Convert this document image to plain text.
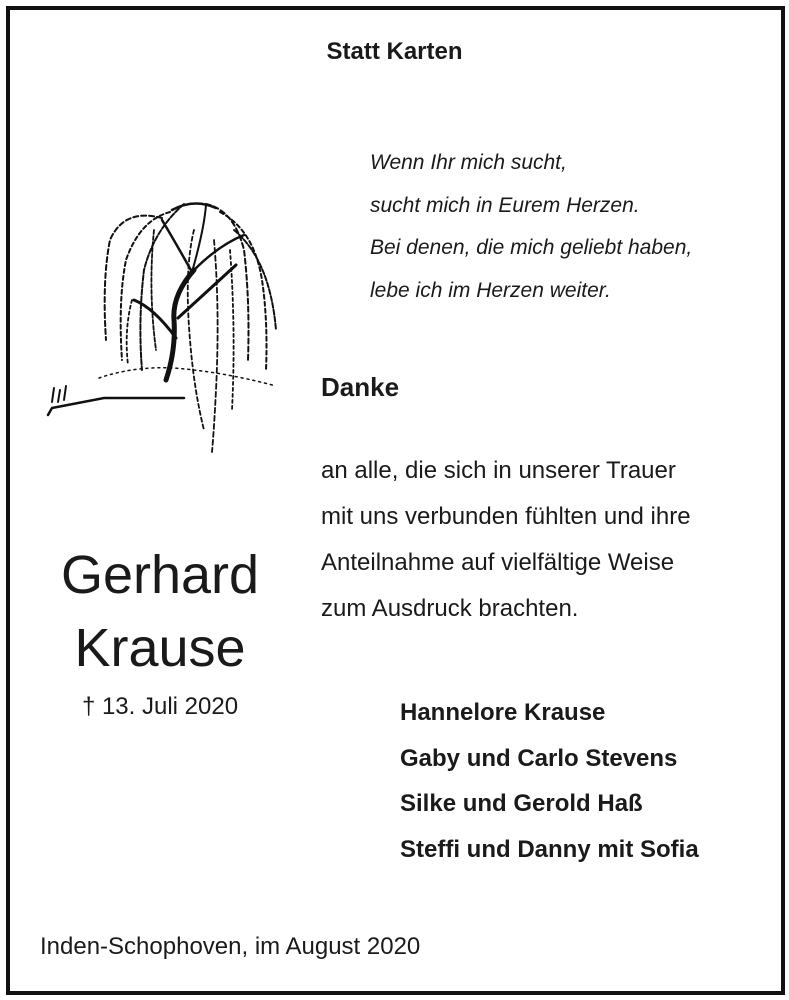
Statt Karten
Wenn Ihr mich sucht,
sucht mich in Eurem Herzen.
Bei denen, die mich geliebt haben,
lebe ich im Herzen weiter.
Danke
an alle, die sich in unserer Trauer
mit uns verbunden fühlten und ihre
Anteilnahme auf vielfältige Weise
zum Ausdruck brachten.
Gerhard
Krause
† 13. Juli 2020	Hannelore Krause
Gaby und Carlo Stevens
Silke und Gerold Haß
Steffi und Danny mit Sofia
Inden-Schophoven, im August 2020
